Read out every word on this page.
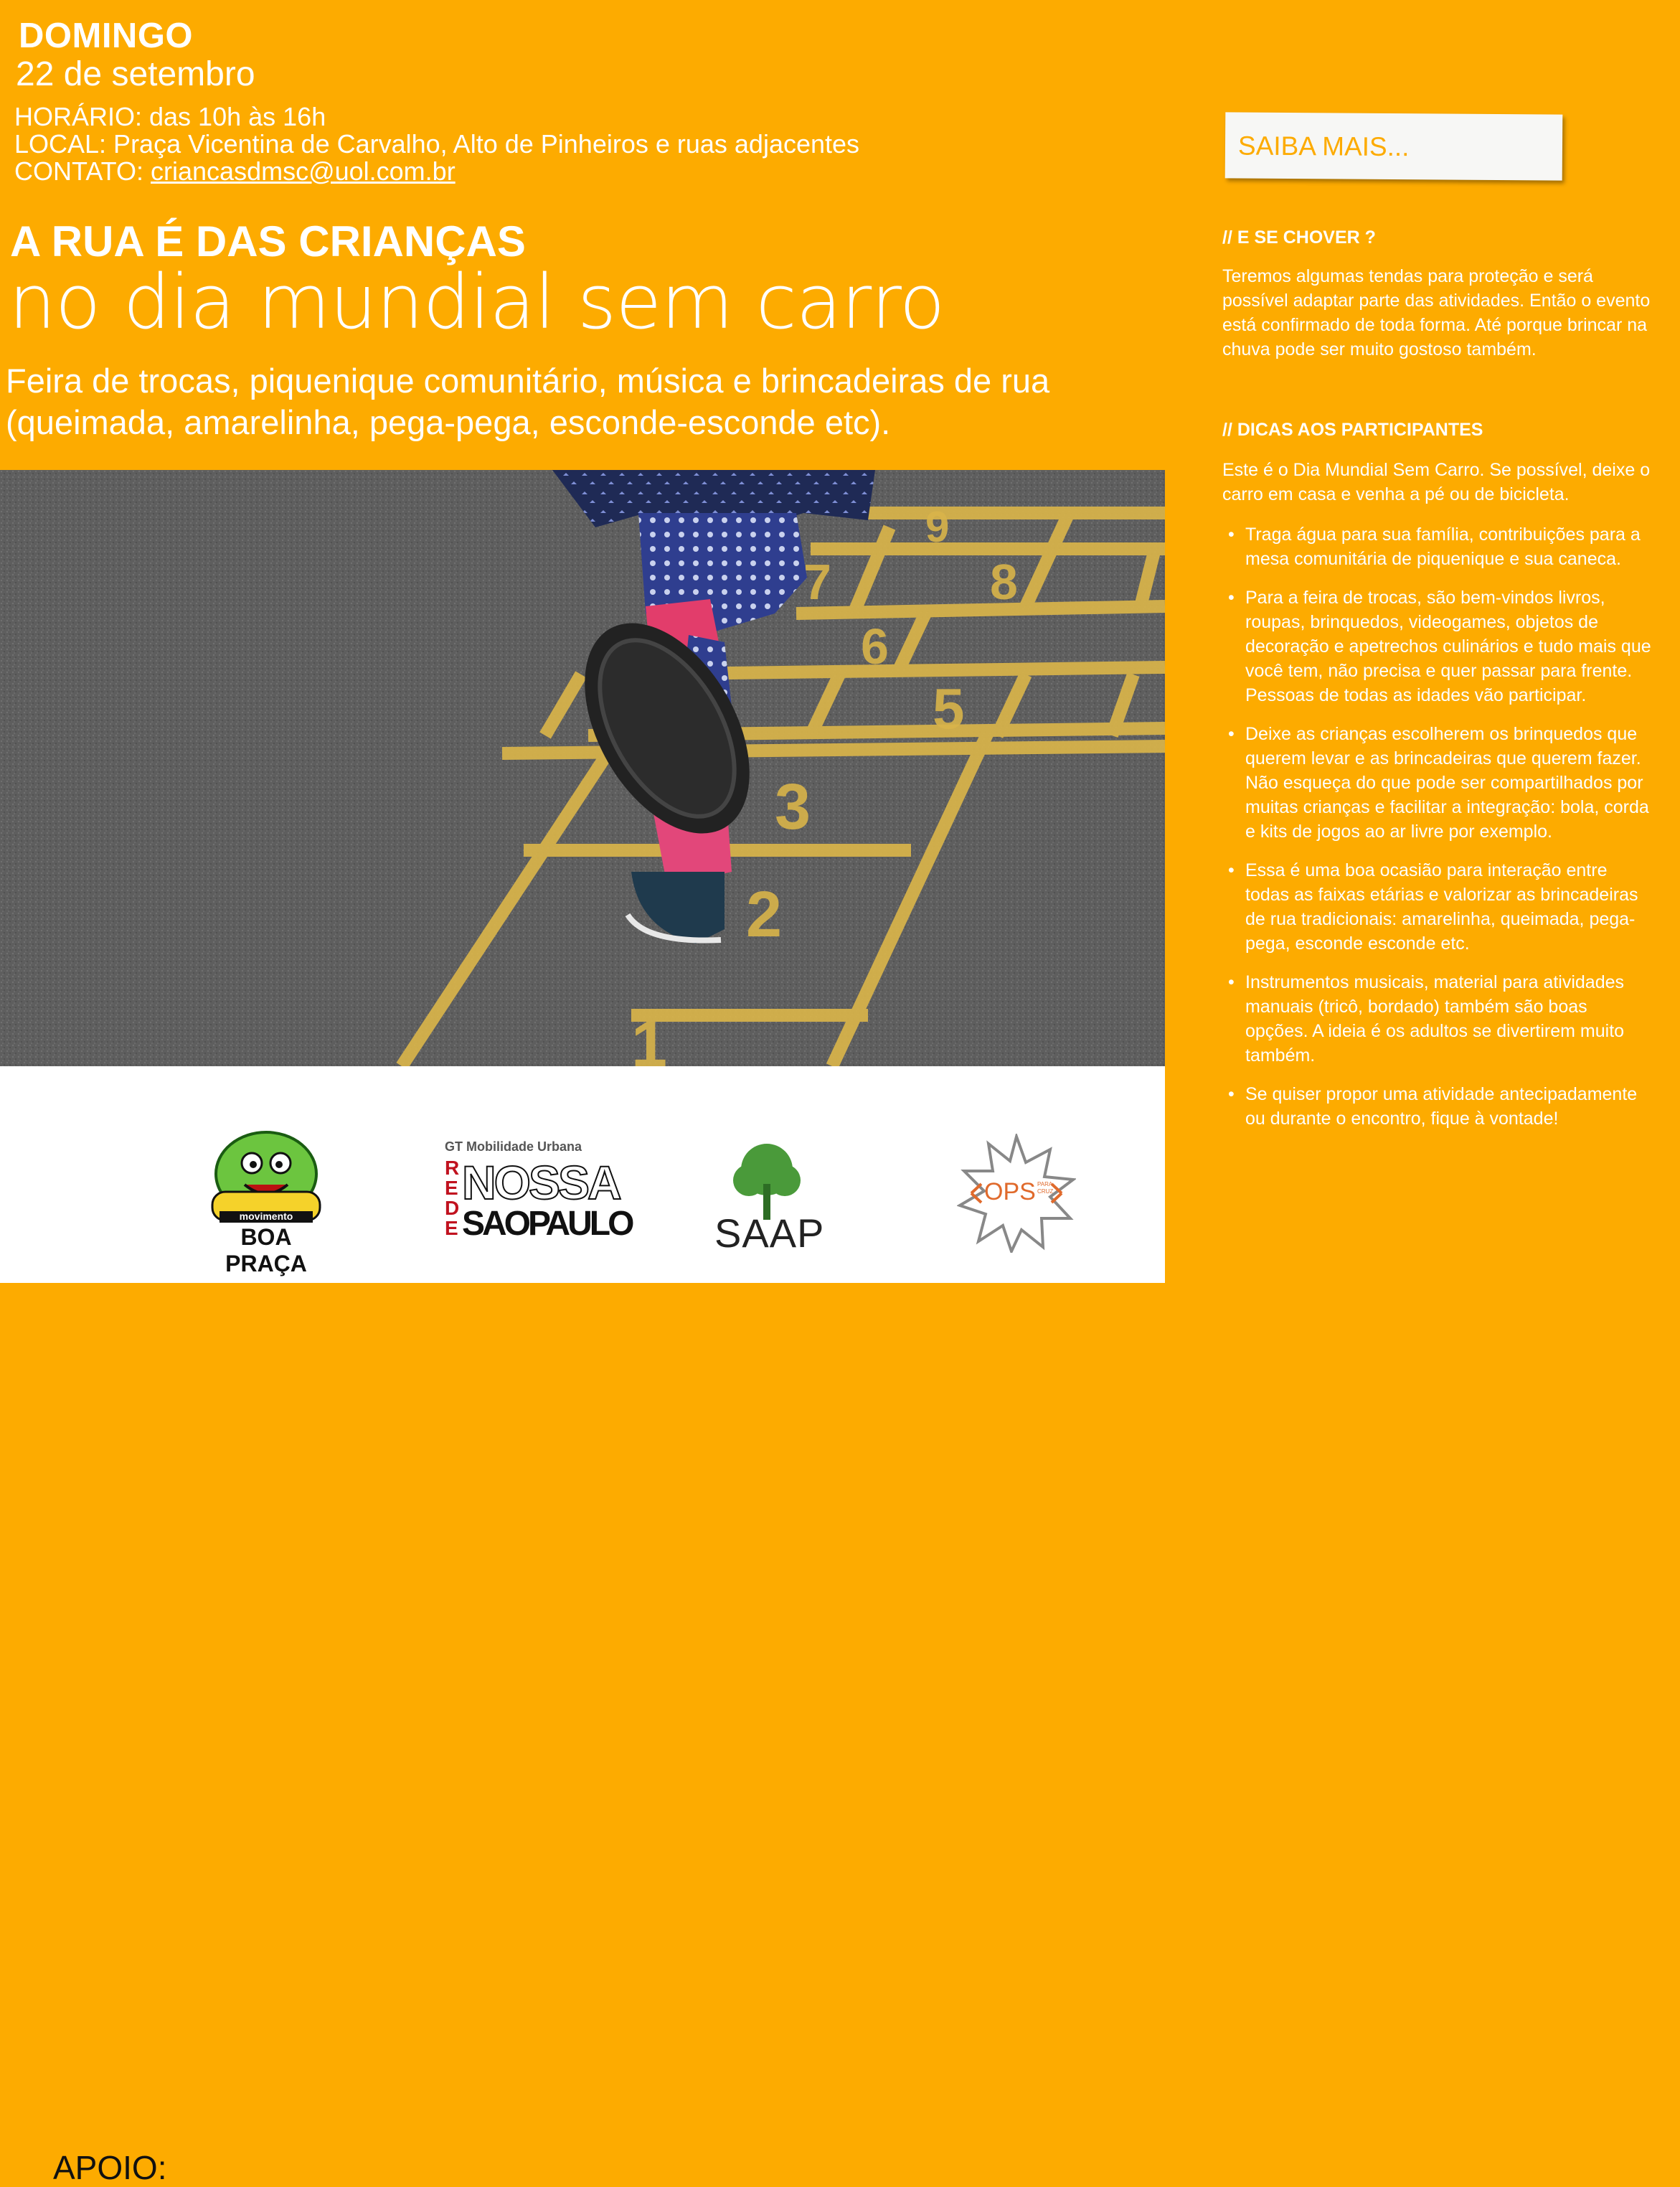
DOMINGO
22 de setembro
HORÁRIO: das 10h às 16h
LOCAL: Praça Vicentina de Carvalho, Alto de Pinheiros e ruas adjacentes
CONTATO: criancasdmsc@uol.com.br
A RUA É DAS CRIANÇAS
no dia mundial sem carro
Feira de trocas, piquenique comunitário, música e brincadeiras de rua (queimada, amarelinha, pega-pega, esconde-esconde etc).
9
8
7
6
5
3
2
1
APOIO:
movimento
BOA PRAÇA
GT Mobilidade Urbana
R
E
D
E
NOSSA
SAOPAULO SAAP
OPS PARA CRUZ
SAIBA MAIS...
// E SE CHOVER ?

Teremos algumas tendas para proteção e será possível adaptar parte das atividades. Então o evento está confirmado de toda forma. Até porque brincar na chuva pode ser muito gostoso também.

// DICAS AOS PARTICIPANTES

Este é o Dia Mundial Sem Carro. Se possível, deixe o carro em casa e venha a pé ou de bicicleta.

• Traga água para sua família, contribuições para a mesa comunitária de piquenique e sua caneca.
• Para a feira de trocas, são bem-vindos livros, roupas, brinquedos, videogames, objetos de decoração e apetrechos culinários e tudo mais que você tem, não precisa e quer passar para frente. Pessoas de todas as idades vão participar.
• Deixe as crianças escolherem os brinquedos que querem levar e as brincadeiras que querem fazer. Não esqueça do que pode ser compartilhados por muitas crianças e facilitar a integração: bola, corda e kits de jogos ao ar livre por exemplo.
• Essa é uma boa ocasião para interação entre todas as faixas etárias e valorizar as brincadeiras de rua tradicionais: amarelinha, queimada, pega-pega, esconde esconde etc.
• Instrumentos musicais, material para atividades manuais (tricô, bordado) também são boas opções. A ideia é os adultos se divertirem muito também.
• Se quiser propor uma atividade antecipadamente ou durante o encontro, fique à vontade!
